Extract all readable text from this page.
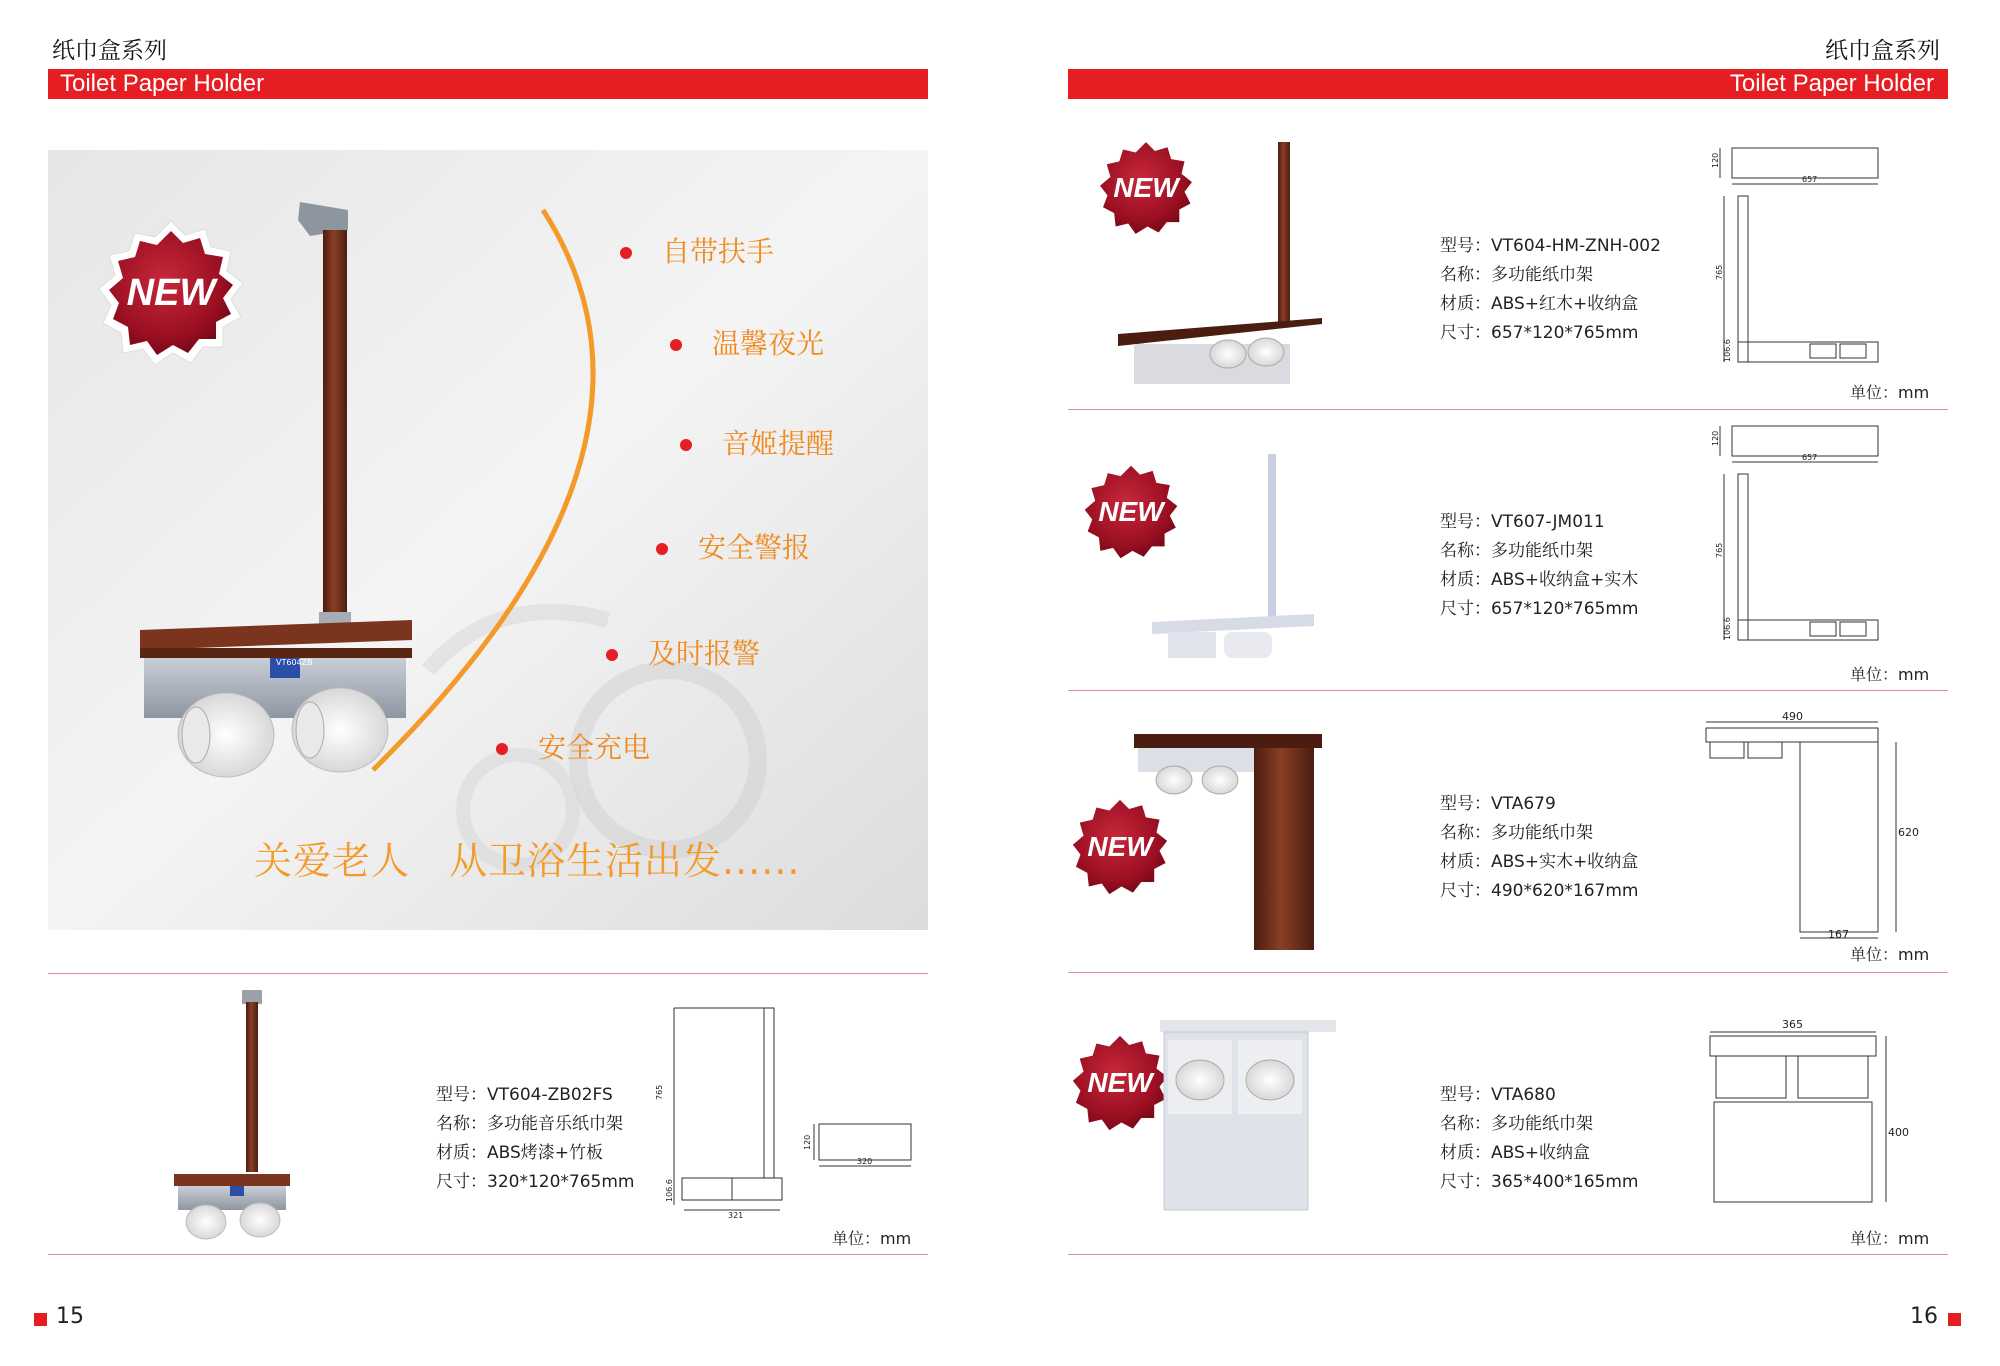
纸巾盒系列
Toilet Paper Holder
VT604ZB
NEW
自带扶手
温馨夜光
音姬提醒
安全警报
及时报警
安全充电
关爱老人　从卫浴生活出发......
型号：VT604-ZB02FS
名称：多功能音乐纸巾架
材质：ABS烤漆+竹板
尺寸：320*120*765mm
765
321
320
120
106.6
单位：mm
15
纸巾盒系列
Toilet Paper Holder
NEW
型号：VT604-HM-ZNH-002
名称：多功能纸巾架
材质：ABS+红木+收纳盒
尺寸：657*120*765mm
657
120
765
106.6
单位：mm
NEW	型号：VT607-JM011
名称：多功能纸巾架
材质：ABS+收纳盒+实木
尺寸：657*120*765mm
657
120
765
106.6
单位：mm
NEW
型号：VTA679
名称：多功能纸巾架
材质：ABS+实木+收纳盒
尺寸：490*620*167mm
490
620
167
单位：mm
NEW	型号：VTA680
名称：多功能纸巾架
材质：ABS+收纳盒
尺寸：365*400*165mm
365
400
单位：mm
16
